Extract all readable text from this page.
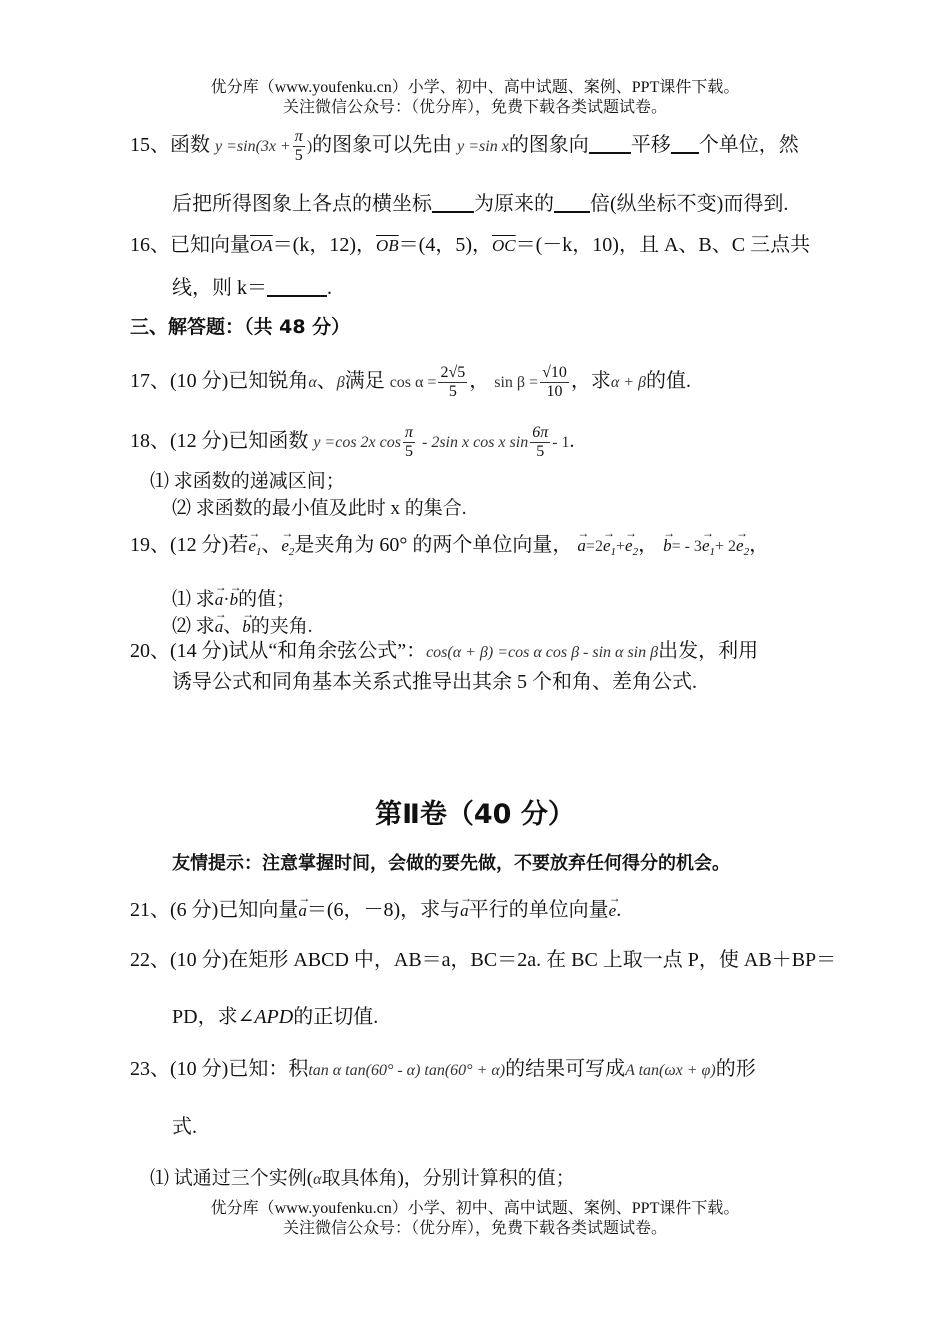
优分库（www.youfenku.cn）小学、初中、高中试题、案例、PPT课件下载。
关注微信公众号：（优分库），免费下载各类试题试卷。
15、函数 $y =\sin(3x + \frac{\pi}{5}$ )的图象可以先由 y =sin x的图象向 平移 个单位，然
后把所得图象上各点的横坐标 为原来的 倍(纵坐标不变)而得到.
16、已知向量$\overline{OA}=(k$，12)，$\overline{OB}=(4$，5)，$\overline{OC}=(-k$，10)，且 A、B、C 三点共
线，则 k＝	.
三、解答题：（共 48 分）
17、(10 分)已知锐角α、β满足 $\cos \alpha = \frac{2√5}{5}$ ， $\sin \beta = \frac{√10}{10}$ ，求α + β的值.
18、(12 分)已知函数 y =cos 2x $\cos \frac{\pi}{5} - 2\sin$ x cos x $\sin \frac{6\pi}{5} - 1$.
⑴ 求函数的递减区间；
⑵ 求函数的最小值及此时 x 的集合.
19、(12 分)若→ $e_1$、→ $e_2$是夹角为 60° 的两个单位向量， → $a=2\to e_1+\to e_2$， → $b= - 3\to e_1+ 2\to e_2$，
⑴ 求→ a·→ b的值；
⑵ 求→ a、→ b的夹角.
20、(14 分)试从“和角余弦公式”：cos(α + β) =cos α cos β - sin α sin β出发，利用
诱导公式和同角基本关系式推导出其余 5 个和角、差角公式.
第Ⅱ卷（40 分）
友情提示：注意掌握时间，会做的要先做，不要放弃任何得分的机会。
21、(6 分)已知向量→ a＝(6，－8)，求与→ a平行的单位向量→ e.
22、(10 分)在矩形 ABCD 中，AB＝a，BC＝2a. 在 BC 上取一点 P，使 AB＋BP＝
PD，求∠APD的正切值.
23、(10 分)已知：积tan α tan(60° - α) tan(60° + α)的结果可写成A tan(ωx + φ)的形
式.
⑴ 试通过三个实例(α取具体角)，分别计算积的值；
优分库（www.youfenku.cn）小学、初中、高中试题、案例、PPT课件下载。
关注微信公众号：（优分库），免费下载各类试题试卷。
